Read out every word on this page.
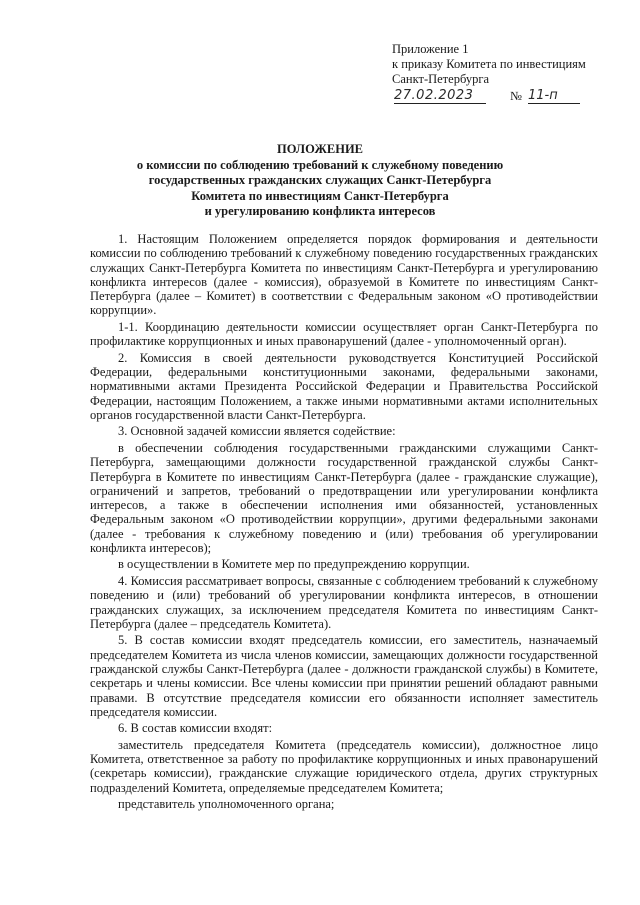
Приложение 1
к приказу Комитета по инвестициям
Санкт-Петербурга
27.02.2023	№ 11-п
ПОЛОЖЕНИЕ
о комиссии по соблюдению требований к служебному поведению
государственных гражданских служащих Санкт-Петербурга
Комитета по инвестициям Санкт-Петербурга
и урегулированию конфликта интересов

1. Настоящим Положением определяется порядок формирования и деятельности комиссии по соблюдению требований к служебному поведению государственных гражданских служащих Санкт-Петербурга Комитета по инвестициям Санкт-Петербурга и урегулированию конфликта интересов (далее - комиссия), образуемой в Комитете по инвестициям Санкт-Петербурга (далее – Комитет) в соответствии с Федеральным законом «О противодействии коррупции».

1-1. Координацию деятельности комиссии осуществляет орган Санкт-Петербурга по профилактике коррупционных и иных правонарушений (далее - уполномоченный орган).

2. Комиссия в своей деятельности руководствуется Конституцией Российской Федерации, федеральными конституционными законами, федеральными законами, нормативными актами Президента Российской Федерации и Правительства Российской Федерации, настоящим Положением, а также иными нормативными актами исполнительных органов государственной власти Санкт-Петербурга.

3. Основной задачей комиссии является содействие:

в обеспечении соблюдения государственными гражданскими служащими Санкт-Петербурга, замещающими должности государственной гражданской службы Санкт-Петербурга в Комитете по инвестициям Санкт-Петербурга (далее - гражданские служащие), ограничений и запретов, требований о предотвращении или урегулировании конфликта интересов, а также в обеспечении исполнения ими обязанностей, установленных Федеральным законом «О противодействии коррупции», другими федеральными законами (далее - требования к служебному поведению и (или) требования об урегулировании конфликта интересов);

в осуществлении в Комитете мер по предупреждению коррупции.

4. Комиссия рассматривает вопросы, связанные с соблюдением требований к служебному поведению и (или) требований об урегулировании конфликта интересов, в отношении гражданских служащих, за исключением председателя Комитета по инвестициям Санкт-Петербурга (далее – председатель Комитета).

5. В состав комиссии входят председатель комиссии, его заместитель, назначаемый председателем Комитета из числа членов комиссии, замещающих должности государственной гражданской службы Санкт-Петербурга (далее - должности гражданской службы) в Комитете, секретарь и члены комиссии. Все члены комиссии при принятии решений обладают равными правами. В отсутствие председателя комиссии его обязанности исполняет заместитель председателя комиссии.

6. В состав комиссии входят:

заместитель председателя Комитета (председатель комиссии), должностное лицо Комитета, ответственное за работу по профилактике коррупционных и иных правонарушений (секретарь комиссии), гражданские служащие юридического отдела, других структурных подразделений Комитета, определяемые председателем Комитета;

представитель уполномоченного органа;
